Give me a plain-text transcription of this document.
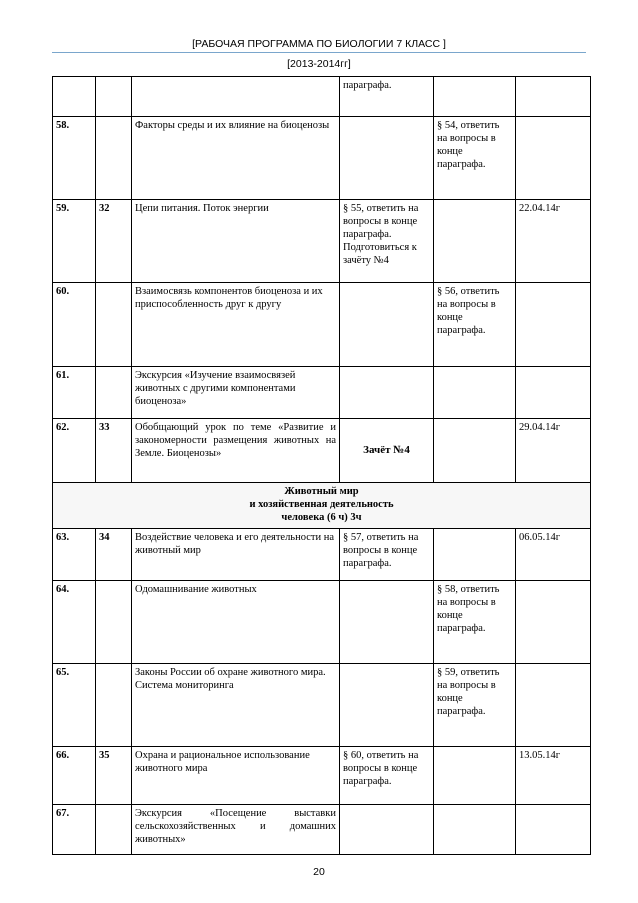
[РАБОЧАЯ ПРОГРАММА ПО БИОЛОГИИ 7 КЛАСС ]
[2013-2014гг]
			параграфа.		
58.		Факторы среды и их влияние на биоценозы		§ 54, ответить на вопросы в конце параграфа.	
59.	32	Цепи питания. Поток энергии	§ 55, ответить на вопросы в конце параграфа. Подготовиться к зачёту №4		22.04.14г
60.		Взаимосвязь компонентов биоценоза и их приспособленность друг к другу		§ 56, ответить на вопросы в конце параграфа.	
61.		Экскурсия «Изучение взаимосвязей животных с другими компонентами биоценоза»			
62.	33	Обобщающий урок по теме «Развитие и закономерности размещения животных на Земле. Биоценозы»	Зачёт №4		29.04.14г

Животный мир
и хозяйственная деятельность
человека (6 ч) 3ч					

63.	34	Воздействие человека и его деятельности на животный мир	§ 57, ответить на вопросы в конце параграфа.		06.05.14г
64.		Одомашнивание животных		§ 58, ответить на вопросы в конце параграфа.	
65.		Законы России об охране животного мира. Система мониторинга		§ 59, ответить на вопросы в конце параграфа.	
66.	35	Охрана и рациональное использование животного мира	§ 60, ответить на вопросы в конце параграфа.		13.05.14г
67.		Экскурсия «Посещение выставки сельскохозяйственных и домашних животных»			
20
